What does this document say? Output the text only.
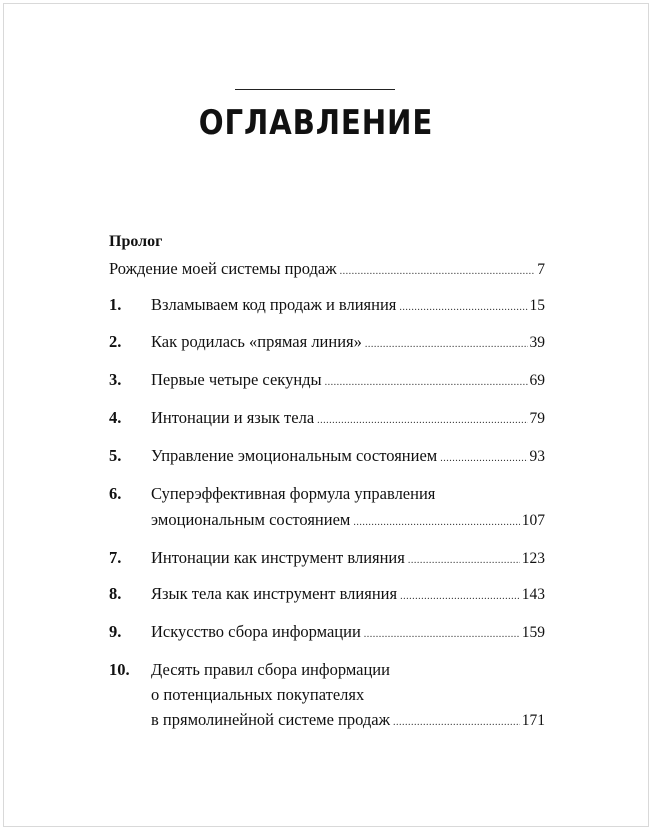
ОГЛАВЛЕНИЕ
Пролог
Рождение моей системы продаж .....	7
1.	Взламываем код продаж и влияния .....	15
2.	Как родилась «прямая линия» .....	39
3.	Первые четыре секунды .....	69
4.	Интонации и язык тела .....	79
5.	Управление эмоциональным состоянием .....	93
6.	Суперэффективная формула управления
эмоциональным состоянием .....	107
7.	Интонации как инструмент влияния .....	123
8.	Язык тела как инструмент влияния .....	143
9.	Искусство сбора информации .....	159
10.	Десять правил сбора информации
о потенциальных покупателях
в прямолинейной системе продаж .....	171
